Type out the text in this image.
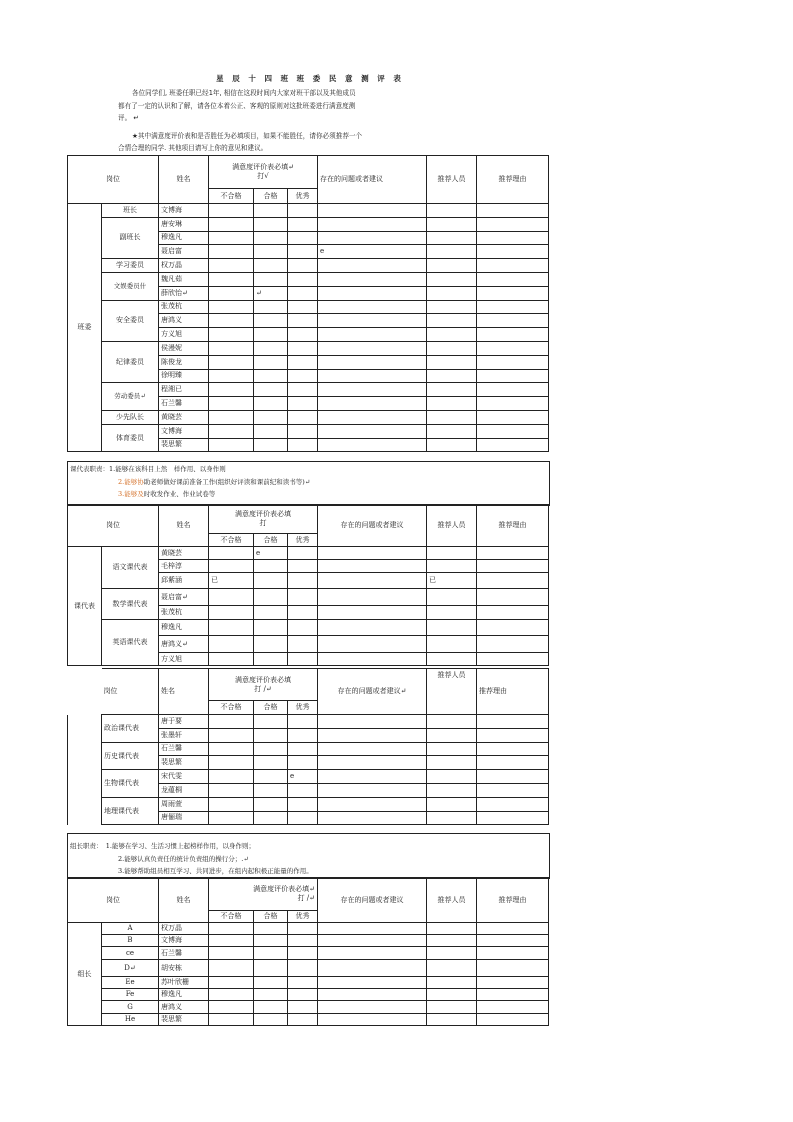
星 辰 十 四 班 班 委 民 意 测 评 表

各位同学们, 班委任职已经1年, 相信在这段时间内大家对班干部以及其他成员

都有了一定的认识和了解，请各位本着公正、客观的原则对这批班委进行满意度测

评。 ↵

★其中满意度评价表和是否胜任为必填项目，如果不能胜任，请你必须推荐一个

合情合理的同学. 其他项目请写上你的意见和建议。

岗位		姓名	满意度评价表必填↵
打√			存在的问题或者建议	推荐人员	推荐理由
			不合格	合格	优秀			
班委	班长	文博海						
	副班长	唐安琳						
		穆逸凡						
		聂启富				e		
	学习委员	权万晶						
	文娱委员什	魏凡茹						
		薛欣怡↵		↵				
	安全委员	张茂杭						
		唐鸿义						
		方义旭						
	纪律委员	侯漫妮						
		陈俊龙						
		徐明臻						
	劳动委员↵	程湘已						
		石兰馨						
	少先队长	黄晓芸						
	体育委员	文博海						
		裴思繁						
课代表职责：1.能够在该科目上然　样作用、以身作则
2.能够协助老师做好课前准备工作(组织好评读和课前纪和读书等)↵
3.能够及时收发作业、作业试卷等
岗位		姓名	满意度评价表必填
打			存在的问题或者建议	推荐人员	推荐理由
			不合格	合格	优秀			
课代表	语文课代表	黄晓芸		e				
		毛梓淳						
		邱紫涵	已				已	
	数学课代表	聂启富↵						
		张茂杭						
	英语课代表	穆逸凡						
		唐鸿义↵						
		方义旭						
	岗位	姓名	满意度评价表必填
打 /↵			存在的问题或者建议↵	推荐人员	推荐理由
			不合格	合格	优秀			
	政治课代表	唐于要						
		张墨轩						
	历史课代表	石兰馨						
		裴思繁						
	生物课代表	宋代雯			e			
		龙蕴桐						
	地理课代表	周雨萱						
		唐俪瑞						
组长职责：　1.能够在学习、生活习惯上起榜样作用，以身作则；
2.能够认真负责任的统计负责组的操行分；.↵
3.能够帮助组员相互学习、共同进步，在组内起积极正能量的作用。
岗位		姓名	满意度评价表必填↵
打 /↵			存在的问题或者建议	推荐人员	推荐理由
			不合格	合格	优秀			
组长	A	权万晶						
	B	文博海						
	ce	石兰馨						
	D↵	胡安栋						
	Ee	苏叶欣栅						
	Fe	穆逸凡						
	G	唐鸿义						
	He	裴思繁						
